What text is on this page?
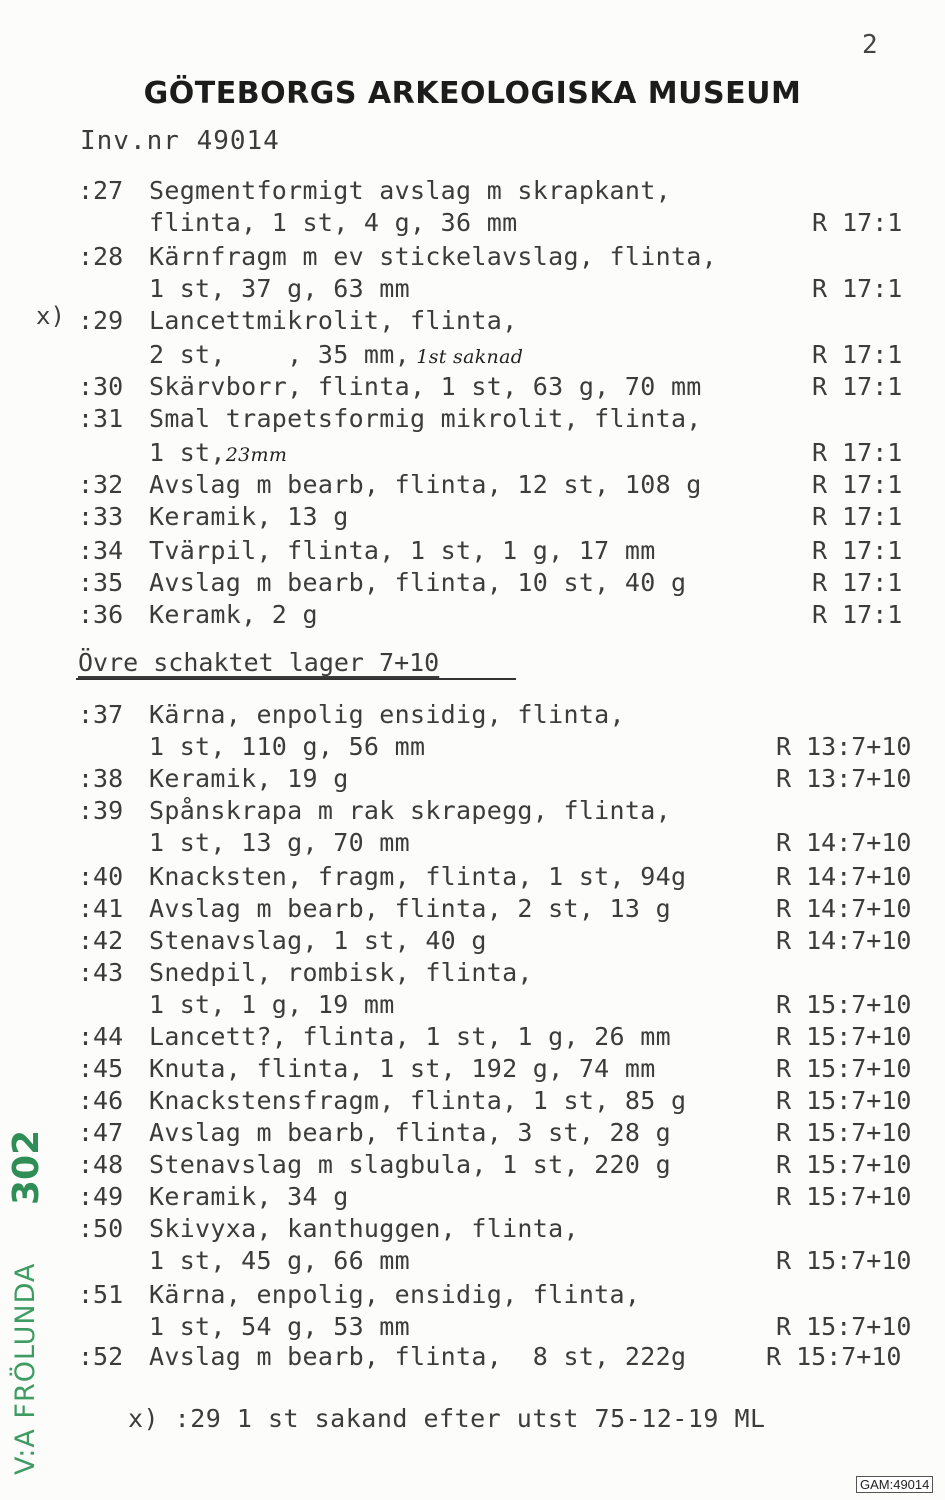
2
GÖTEBORGS ARKEOLOGISKA MUSEUM
Inv.nr 49014
x)
:27 Segmentformigt avslag m skrapkant,
flinta, 1 st, 4 g, 36 mm	R 17:1
:28 Kärnfragm m ev stickelavslag, flinta,
1 st, 37 g, 63 mm	R 17:1
:29 Lancettmikrolit, flinta,
2 st,    , 35 mm, 1st saknad	R 17:1
:30 Skärvborr, flinta, 1 st, 63 g, 70 mm	R 17:1
:31 Smal trapetsformig mikrolit, flinta,
1 st,23mm	R 17:1
:32 Avslag m bearb, flinta, 12 st, 108 g	R 17:1
:33 Keramik, 13 g	R 17:1
:34 Tvärpil, flinta, 1 st, 1 g, 17 mm	R 17:1
:35 Avslag m bearb, flinta, 10 st, 40 g	R 17:1
:36 Keramk, 2 g	R 17:1
:37 Kärna, enpolig ensidig, flinta,
1 st, 110 g, 56 mm	R 13:7+10
:38 Keramik, 19 g	R 13:7+10
:39 Spånskrapa m rak skrapegg, flinta,
1 st, 13 g, 70 mm	R 14:7+10
:40 Knacksten, fragm, flinta, 1 st, 94g	R 14:7+10
:41 Avslag m bearb, flinta, 2 st, 13 g	R 14:7+10
:42 Stenavslag, 1 st, 40 g	R 14:7+10
:43 Snedpil, rombisk, flinta,
1 st, 1 g, 19 mm	R 15:7+10
:44 Lancett?, flinta, 1 st, 1 g, 26 mm	R 15:7+10
:45 Knuta, flinta, 1 st, 192 g, 74 mm	R 15:7+10
:46 Knackstensfragm, flinta, 1 st, 85 g	R 15:7+10
:47 Avslag m bearb, flinta, 3 st, 28 g	R 15:7+10
:48 Stenavslag m slagbula, 1 st, 220 g	R 15:7+10
:49 Keramik, 34 g	R 15:7+10
:50 Skivyxa, kanthuggen, flinta,
1 st, 45 g, 66 mm	R 15:7+10
:51 Kärna, enpolig, ensidig, flinta,
1 st, 54 g, 53 mm	R 15:7+10
:52 Avslag m bearb, flinta,  8 st, 222g	R 15:7+10
Övre schaktet lager 7+10
x) :29 1 st sakand efter utst 75-12-19 ML
V:A FRÖLUNDA
302
GAM:49014
